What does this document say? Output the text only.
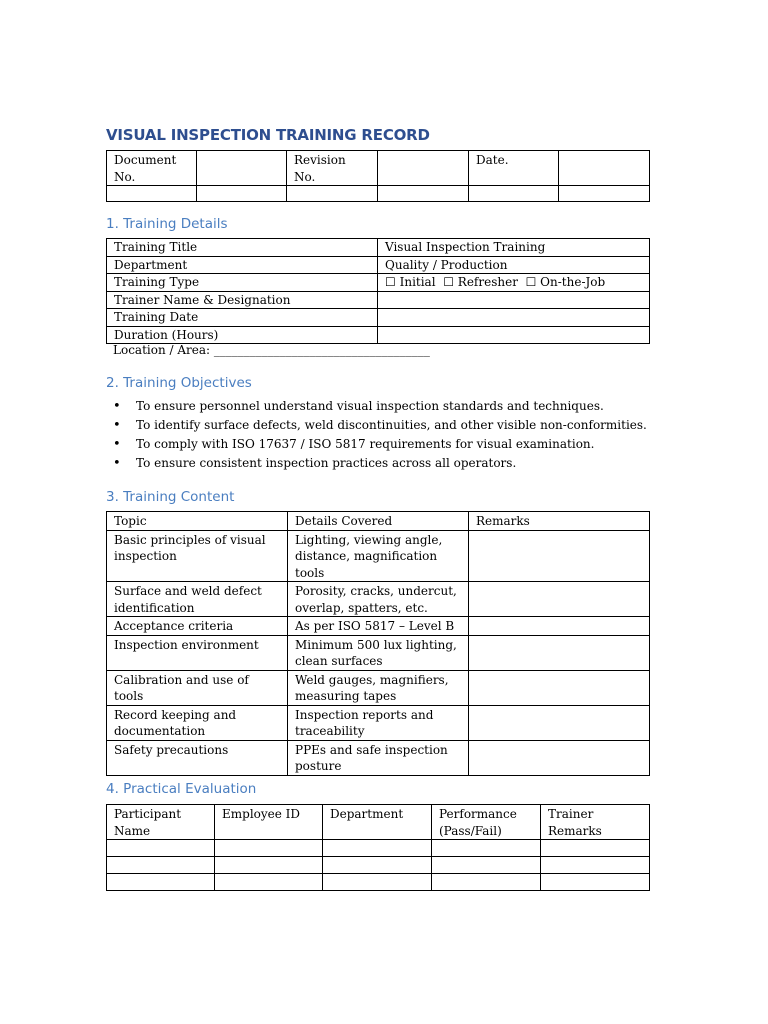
VISUAL INSPECTION TRAINING RECORD
Document No.		Revision No.		Date.	

1. Training Details
Training Title	Visual Inspection Training
Department	Quality / Production
Training Type	☐ Initial ☐ Refresher ☐ On-the-Job
Trainer Name & Designation	
Training Date	
Duration (Hours)	
Location / Area: ____________________________________
2. Training Objectives
• To ensure personnel understand visual inspection standards and techniques.
• To identify surface defects, weld discontinuities, and other visible non-conformities.
• To comply with ISO 17637 / ISO 5817 requirements for visual examination.
• To ensure consistent inspection practices across all operators.
3. Training Content
Topic	Details Covered	Remarks
Basic principles of visual inspection	Lighting, viewing angle, distance, magnification tools	
Surface and weld defect identification	Porosity, cracks, undercut, overlap, spatters, etc.	
Acceptance criteria	As per ISO 5817 – Level B	
Inspection environment	Minimum 500 lux lighting, clean surfaces	
Calibration and use of tools	Weld gauges, magnifiers, measuring tapes	
Record keeping and documentation	Inspection reports and traceability	
Safety precautions	PPEs and safe inspection posture	
4. Practical Evaluation
Participant Name	Employee ID	Department	Performance (Pass/Fail)	Trainer Remarks
